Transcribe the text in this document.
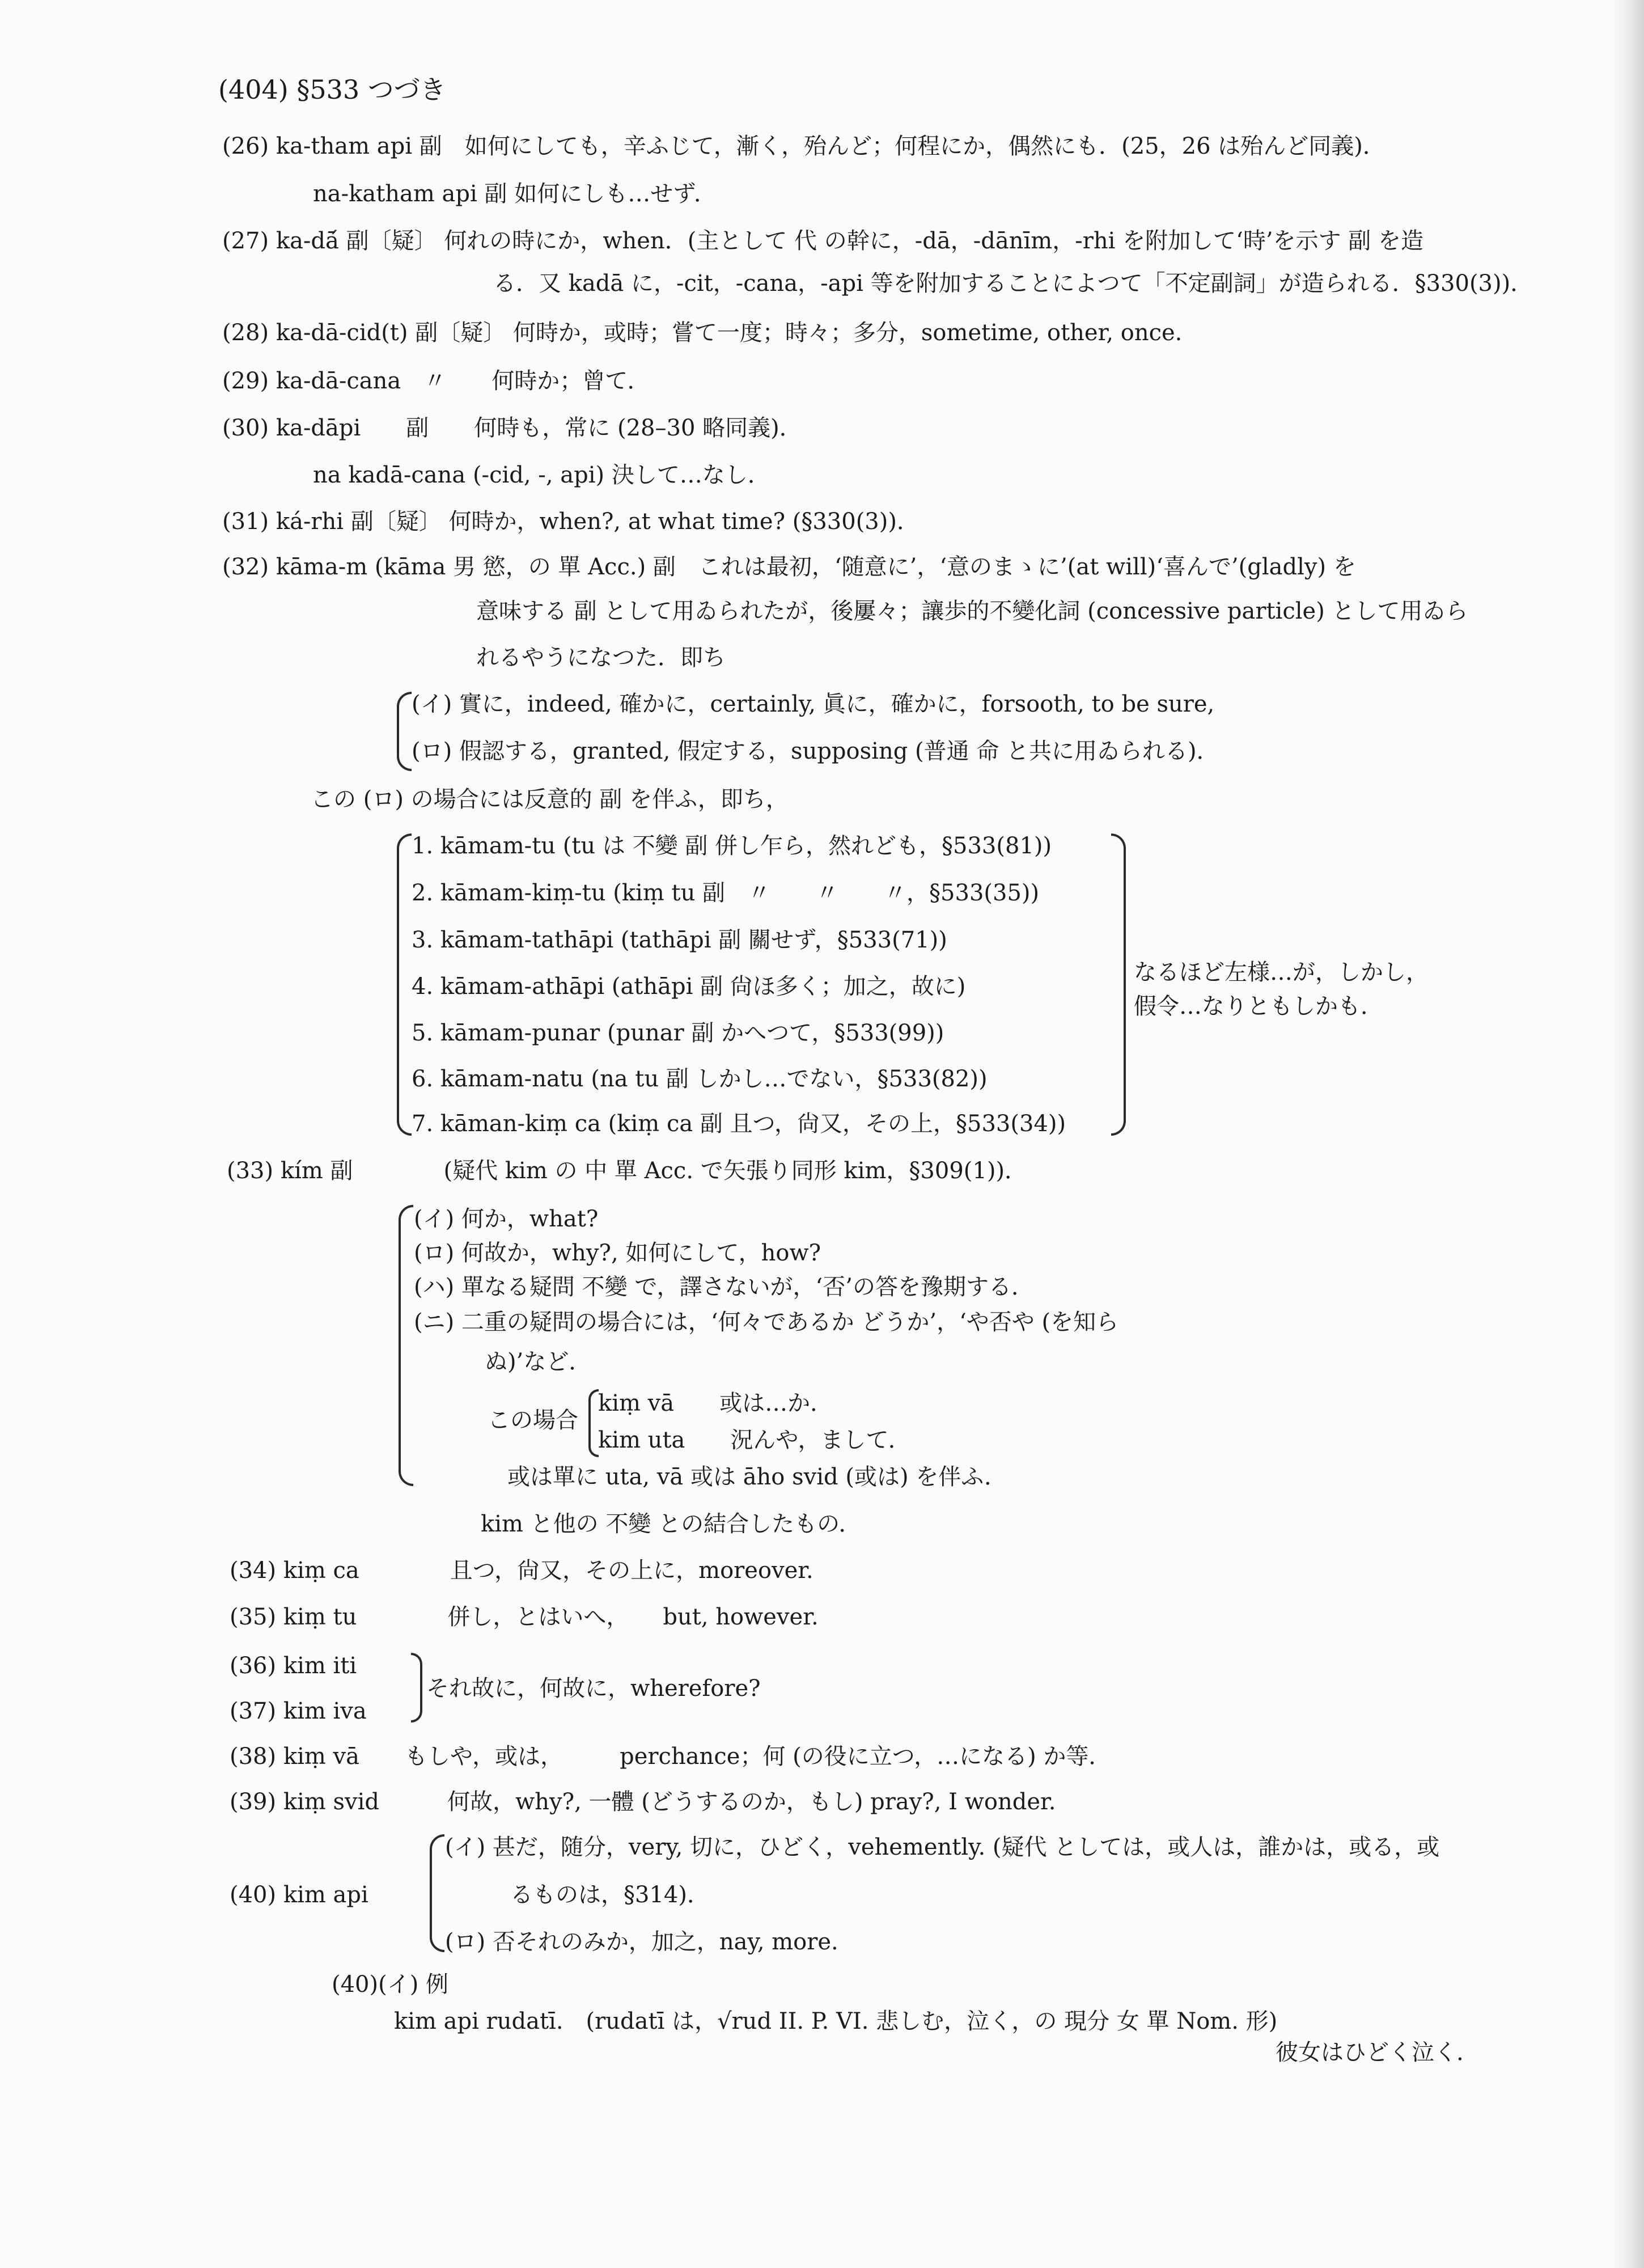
(404) §533 つづき
(26) ka-tham api 副　如何にしても，辛ふじて，漸く，殆んど；何程にか，偶然にも．(25，26 は殆んど同義)．
na-katham api 副 如何にしも…せず．
(27) ka-dā́ 副〔疑〕 何れの時にか，when．(主として 代 の幹に，-dā，-dānīm，-rhi を附加して‘時’を示す 副 を造
る．又 kadā に，-cit，-cana，-api 等を附加することによつて「不定副詞」が造られる．§330(3))．
(28) ka-dā-cid(t) 副〔疑〕 何時か，或時；嘗て一度；時々；多分，sometime, other, once.
(29) ka-dā-cana　〃　　何時か；曾て．
(30) ka-dāpi　　副　　何時も，常に (28–30 略同義)．
na kadā-cana (-cid, -, api) 決して…なし．
(31) ká-rhi 副〔疑〕 何時か，when?, at what time? (§330(3))．
(32) kāma-m (kāma 男 慾，の 單 Acc.) 副　これは最初，‘随意に’，‘意のまゝに’(at will)‘喜んで’(gladly) を
意味する 副 として用ゐられたが，後屢々；讓歩的不變化詞 (concessive particle) として用ゐら
れるやうになつた．即ち
(イ) 實に，indeed, 確かに，certainly, 眞に，確かに，forsooth, to be sure,
(ロ) 假認する，granted, 假定する，supposing (普通 命 と共に用ゐられる)．
この (ロ) の場合には反意的 副 を伴ふ，即ち，
1. kāmam-tu (tu は 不變 副 併し乍ら，然れども，§533(81))
2. kāmam-kiṃ-tu (kiṃ tu 副　〃　　〃　　〃，§533(35))
3. kāmam-tathāpi (tathāpi 副 關せず，§533(71))
4. kāmam-athāpi (athāpi 副 尙ほ多く；加之，故に)
5. kāmam-punar (punar 副 かへつて，§533(99))
6. kāmam-natu (na tu 副 しかし…でない，§533(82))
7. kāman-kiṃ ca (kiṃ ca 副 且つ，尙又，その上，§533(34))
なるほど左様…が，しかし，
假令…なりともしかも．
(33) kím 副　　　　(疑代 kim の 中 單 Acc. で矢張り同形 kim，§309(1))．
(イ) 何か，what?
(ロ) 何故か，why?, 如何にして，how?
(ハ) 單なる疑問 不變 で，譯さないが，‘否’の答を豫期する．
(ニ) 二重の疑問の場合には，‘何々であるか どうか’，‘や否や (を知ら
ぬ)’など．
この場合
kiṃ vā　　或は…か．
kim uta　　況んや，まして．
或は單に uta, vā 或は āho svid (或は) を伴ふ．
kim と他の 不變 との結合したもの．
(34) kiṃ ca　　　　且つ，尙又，その上に，moreover.
(35) kiṃ tu　　　　併し，とはいへ，　　but, however.
(36) kim iti
(37) kim iva
それ故に，何故に，wherefore?
(38) kiṃ vā　　もしや，或は，　　　perchance；何 (の役に立つ，…になる) か等．
(39) kiṃ svid　　　何故，why?, 一體 (どうするのか，もし) pray?, I wonder.
(イ) 甚だ，随分，very, 切に，ひどく，vehemently. (疑代 としては，或人は，誰かは，或る，或
るものは，§314)．
(40) kim api
(ロ) 否それのみか，加之，nay, more.
(40)(イ) 例
kim api rudatī.　(rudatī は，√rud II. P. VI. 悲しむ，泣く，の 現分 女 單 Nom. 形)
彼女はひどく泣く．
